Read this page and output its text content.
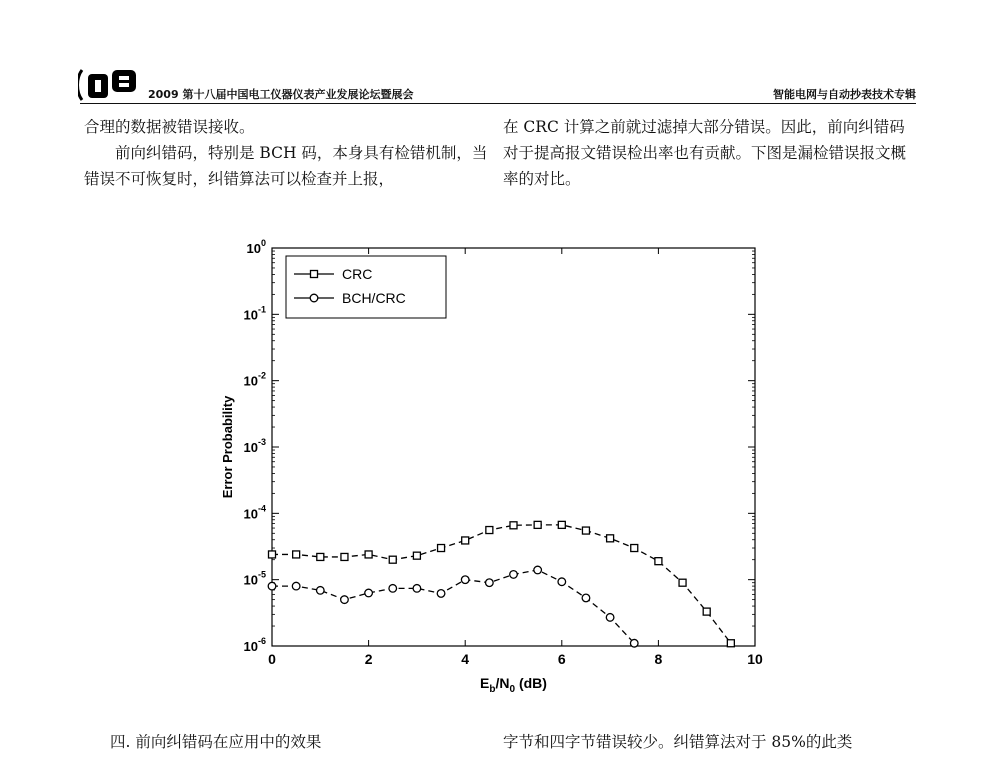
2009 第十八届中国电工仪器仪表产业发展论坛暨展会	智能电网与自动抄表技术专辑

合理的数据被错误接收。

前向纠错码，特别是 BCH 码，本身具有检错机制，当错误不可恢复时，纠错算法可以检查并上报，

在 CRC 计算之前就过滤掉大部分错误。因此，前向纠错码对于提高报文错误检出率也有贡献。下图是漏检错误报文概率的对比。

0	2	4	6	8	10
$10^0$
$10^{-1}$
$10^{-2}$
$10^{-3}$
$10^{-4}$
$10^{-5}$
$10^{-6}$
$E_b/N_0$ (dB)
Error Probability
CRC
BCH/CRC
四. 前向纠错码在应用中的效果	字节和四字节错误较少。纠错算法对于 85%的此类
